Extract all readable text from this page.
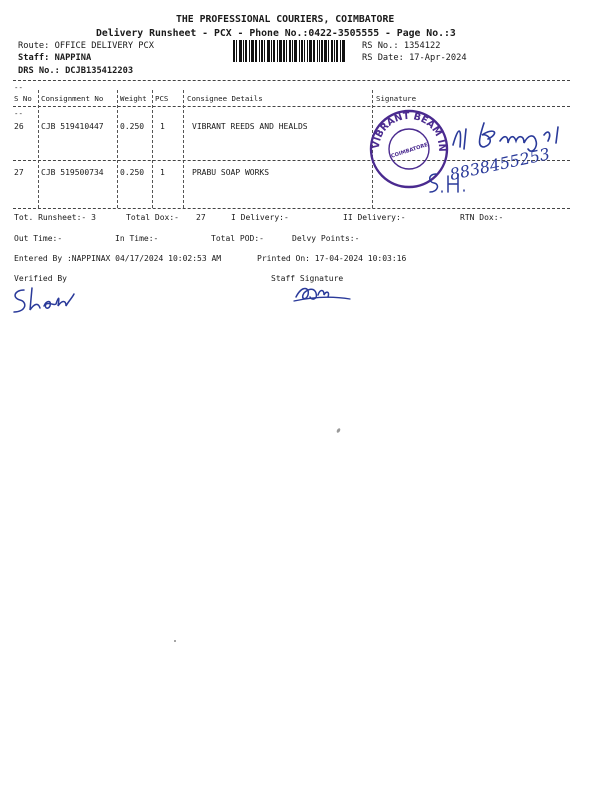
THE PROFESSIONAL COURIERS, COIMBATORE
Delivery Runsheet - PCX - Phone No.:0422-3505555 - Page No.:3
Route: OFFICE DELIVERY PCX
Staff: NAPPINA
DRS No.: DCJB135412203
RS No.: 1354122
RS Date: 17-Apr-2024
--
S No Consignment No Weight PCS	Consignee Details	Signature
--
26 CJB 519410447 0.250 1	VIBRANT REEDS AND HEALDS
27 CJB 519500734 0.250 1	PRABU SOAP WORKS
VIBRANT BEAM INDUSTRY
COIMBATORE 8838455253
Tot. Runsheet:- 3	Total Dox:- 27	I Delivery:-	II Delivery:-	RTN Dox:-
Out Time:-	In Time:-	Total POD:-	Delvy Points:-
Entered By :NAPPINAX 04/17/2024 10:02:53 AM	Printed On: 17-04-2024 10:03:16
Verified By	Staff Signature
